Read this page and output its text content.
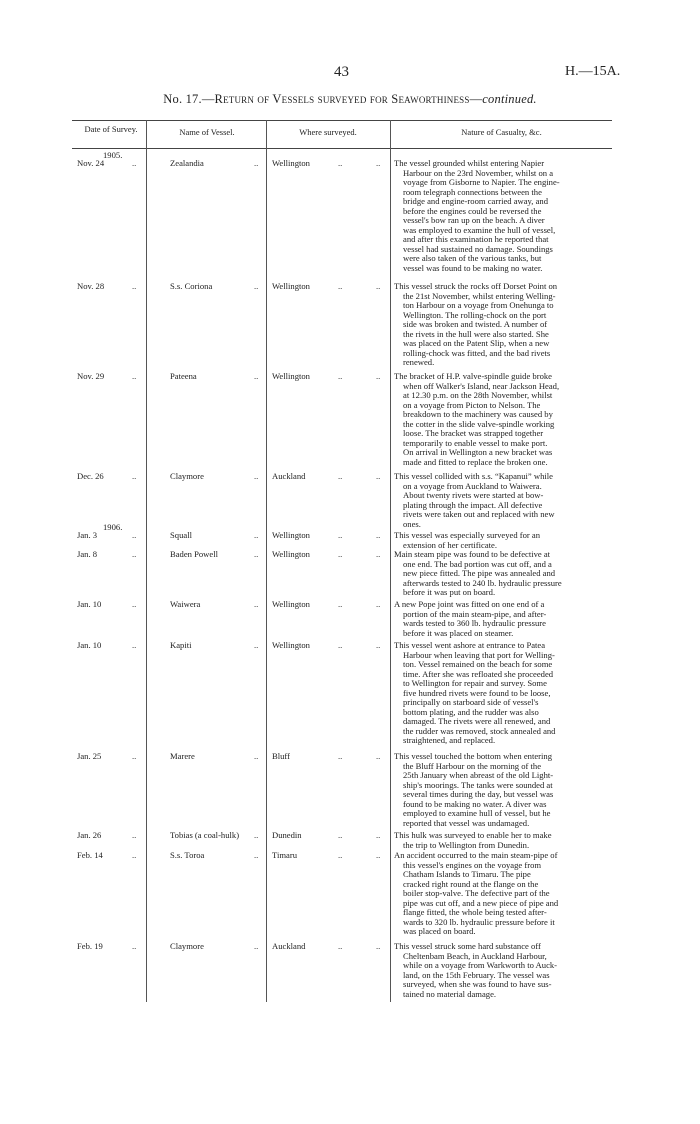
43	H.—15A.
No. 17.—Return of Vessels surveyed for Seaworthiness—continued.
Date of Survey.	Name of Vessel.	Where surveyed.	Nature of Casualty, &c.
1905.
Nov. 24	..	Zealandia	.. Wellington	..	.. The vessel grounded whilst entering Napier
Harbour on the 23rd November, whilst on a
voyage from Gisborne to Napier. The engine-
room telegraph connections between the
bridge and engine-room carried away, and
before the engines could be reversed the
vessel's bow ran up on the beach. A diver
was employed to examine the hull of vessel,
and after this examination he reported that
vessel had sustained no damage. Soundings
were also taken of the various tanks, but
vessel was found to be making no water.
Nov. 28	..	S.s. Coriona	.. Wellington	..	.. This vessel struck the rocks off Dorset Point on
the 21st November, whilst entering Welling-
ton Harbour on a voyage from Onehunga to
Wellington. The rolling-chock on the port
side was broken and twisted. A number of
the rivets in the hull were also started. She
was placed on the Patent Slip, when a new
rolling-chock was fitted, and the bad rivets
renewed.
Nov. 29	..	Pateena	.. Wellington	..	.. The bracket of H.P. valve-spindle guide broke
when off Walker's Island, near Jackson Head,
at 12.30 p.m. on the 28th November, whilst
on a voyage from Picton to Nelson. The
breakdown to the machinery was caused by
the cotter in the slide valve-spindle working
loose. The bracket was strapped together
temporarily to enable vessel to make port.
On arrival in Wellington a new bracket was
made and fitted to replace the broken one.
Dec. 26	..	Claymore	.. Auckland	..	.. This vessel collided with s.s. “Kapanui” while
on a voyage from Auckland to Waiwera.
About twenty rivets were started at bow-
plating through the impact. All defective
rivets were taken out and replaced with new
ones.
1906.
Jan. 3	..	Squall	.. Wellington	..	.. This vessel was especially surveyed for an
extension of her certificate.
Jan. 8	..	Baden Powell	.. Wellington	..	.. Main steam pipe was found to be defective at
one end. The bad portion was cut off, and a
new piece fitted. The pipe was annealed and
afterwards tested to 240 lb. hydraulic pressure
before it was put on board.
Jan. 10	..	Waiwera	.. Wellington	..	.. A new Pope joint was fitted on one end of a
portion of the main steam-pipe, and after-
wards tested to 360 lb. hydraulic pressure
before it was placed on steamer.
Jan. 10	..	Kapiti	.. Wellington	..	.. This vessel went ashore at entrance to Patea
Harbour when leaving that port for Welling-
ton. Vessel remained on the beach for some
time. After she was refloated she proceeded
to Wellington for repair and survey. Some
five hundred rivets were found to be loose,
principally on starboard side of vessel's
bottom plating, and the rudder was also
damaged. The rivets were all renewed, and
the rudder was removed, stock annealed and
straightened, and replaced.
Jan. 25	..	Marere	.. Bluff	..	.. This vessel touched the bottom when entering
the Bluff Harbour on the morning of the
25th January when abreast of the old Light-
ship's moorings. The tanks were sounded at
several times during the day, but vessel was
found to be making no water. A diver was
employed to examine hull of vessel, but he
reported that vessel was undamaged.
Jan. 26	..	Tobias (a coal-hulk) .. Dunedin	..	.. This hulk was surveyed to enable her to make
the trip to Wellington from Dunedin.
Feb. 14	..	S.s. Toroa	.. Timaru	..	.. An accident occurred to the main steam-pipe of
this vessel's engines on the voyage from
Chatham Islands to Timaru. The pipe
cracked right round at the flange on the
boiler stop-valve. The defective part of the
pipe was cut off, and a new piece of pipe and
flange fitted, the whole being tested after-
wards to 320 lb. hydraulic pressure before it
was placed on board.
Feb. 19	..	Claymore	.. Auckland	..	.. This vessel struck some hard substance off
Cheltenbam Beach, in Auckland Harbour,
while on a voyage from Warkworth to Auck-
land, on the 15th February. The vessel was
surveyed, when she was found to have sus-
tained no material damage.
